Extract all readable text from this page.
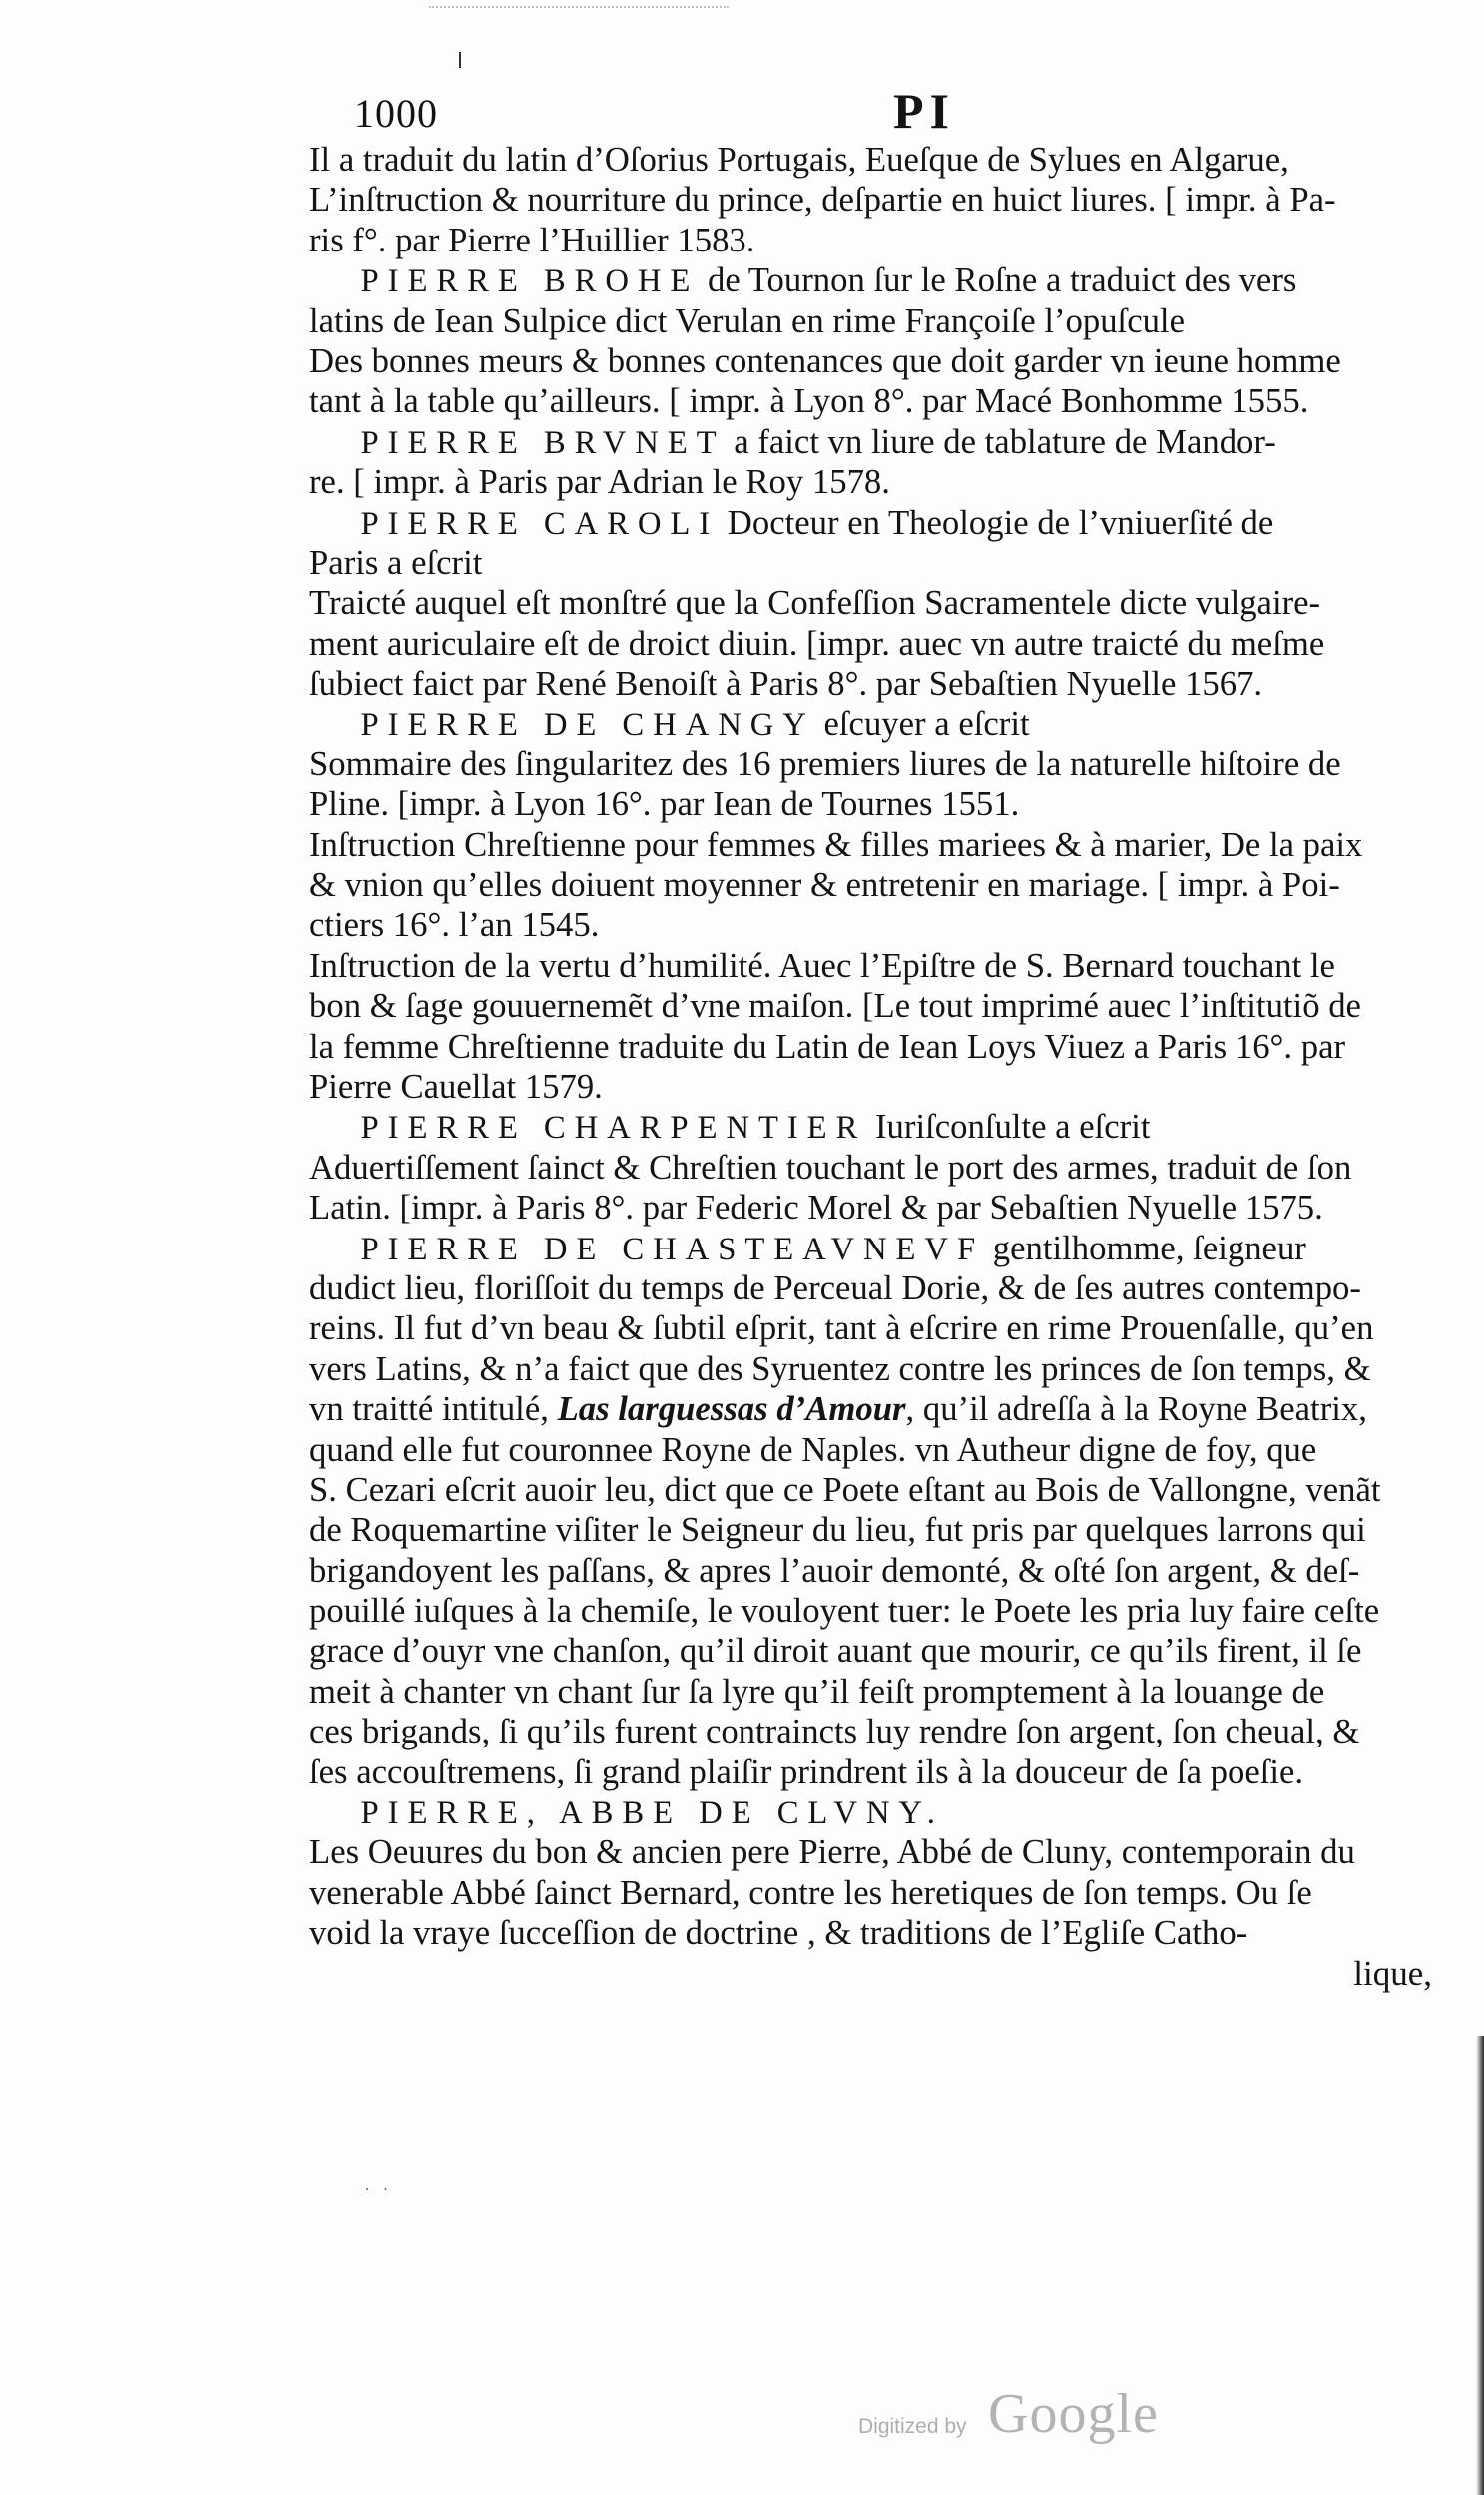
1000	PI
Il a traduit du latin d’Oſorius Portugais, Eueſque de Sylues en Algarue,
L’inſtruction & nourriture du prince, deſpartie en huict liures. [ impr. à Pa-
ris f°. par Pierre l’Huillier 1583.
PIERRE BROHE de Tournon ſur le Roſne a traduict des vers
latins de Iean Sulpice dict Verulan en rime Françoiſe l’opuſcule
Des bonnes meurs & bonnes contenances que doit garder vn ieune homme
tant à la table qu’ailleurs. [ impr. à Lyon 8°. par Macé Bonhomme 1555.
PIERRE BRVNET a faict vn liure de tablature de Mandor-
re. [ impr. à Paris par Adrian le Roy 1578.
PIERRE CAROLI Docteur en Theologie de l’vniuerſité de
Paris a eſcrit
Traicté auquel eſt monſtré que la Confeſſion Sacramentele dicte vulgaire-
ment auriculaire eſt de droict diuin. [impr. auec vn autre traicté du meſme
ſubiect faict par René Benoiſt à Paris 8°. par Sebaſtien Nyuelle 1567.
PIERRE DE CHANGY eſcuyer a eſcrit
Sommaire des ſingularitez des 16 premiers liures de la naturelle hiſtoire de
Pline. [impr. à Lyon 16°. par Iean de Tournes 1551.
Inſtruction Chreſtienne pour femmes & filles mariees & à marier, De la paix
& vnion qu’elles doiuent moyenner & entretenir en mariage. [ impr. à Poi-
ctiers 16°. l’an 1545.
Inſtruction de la vertu d’humilité. Auec l’Epiſtre de S. Bernard touchant le
bon & ſage gouuernemẽt d’vne maiſon. [Le tout imprimé auec l’inſtitutiõ de
la femme Chreſtienne traduite du Latin de Iean Loys Viuez a Paris 16°. par
Pierre Cauellat 1579.
PIERRE CHARPENTIER Iuriſconſulte a eſcrit
Aduertiſſement ſainct & Chreſtien touchant le port des armes, traduit de ſon
Latin. [impr. à Paris 8°. par Federic Morel & par Sebaſtien Nyuelle 1575.
PIERRE DE CHASTEAVNEVF gentilhomme, ſeigneur
dudict lieu, floriſſoit du temps de Perceual Dorie, & de ſes autres contempo-
reins. Il fut d’vn beau & ſubtil eſprit, tant à eſcrire en rime Prouenſalle, qu’en
vers Latins, & n’a faict que des Syruentez contre les princes de ſon temps, &
vn traitté intitulé, Las larguessas d’Amour, qu’il adreſſa à la Royne Beatrix,
quand elle fut couronnee Royne de Naples. vn Autheur digne de foy, que
S. Cezari eſcrit auoir leu, dict que ce Poete eſtant au Bois de Vallongne, venãt
de Roquemartine viſiter le Seigneur du lieu, fut pris par quelques larrons qui
brigandoyent les paſſans, & apres l’auoir demonté, & oſté ſon argent, & deſ-
pouillé iuſques à la chemiſe, le vouloyent tuer: le Poete les pria luy faire ceſte
grace d’ouyr vne chanſon, qu’il diroit auant que mourir, ce qu’ils firent, il ſe
meit à chanter vn chant ſur ſa lyre qu’il feiſt promptement à la louange de
ces brigands, ſi qu’ils furent contraincts luy rendre ſon argent, ſon cheual, &
ſes accouſtremens, ſi grand plaiſir prindrent ils à la douceur de ſa poeſie.
PIERRE, ABBE DE CLVNY.
Les Oeuures du bon & ancien pere Pierre, Abbé de Cluny, contemporain du
venerable Abbé ſainct Bernard, contre les heretiques de ſon temps. Ou ſe
void la vraye ſucceſſion de doctrine , & traditions de l’Egliſe Catho-
lique,
˙ ˙
Digitized by Google
